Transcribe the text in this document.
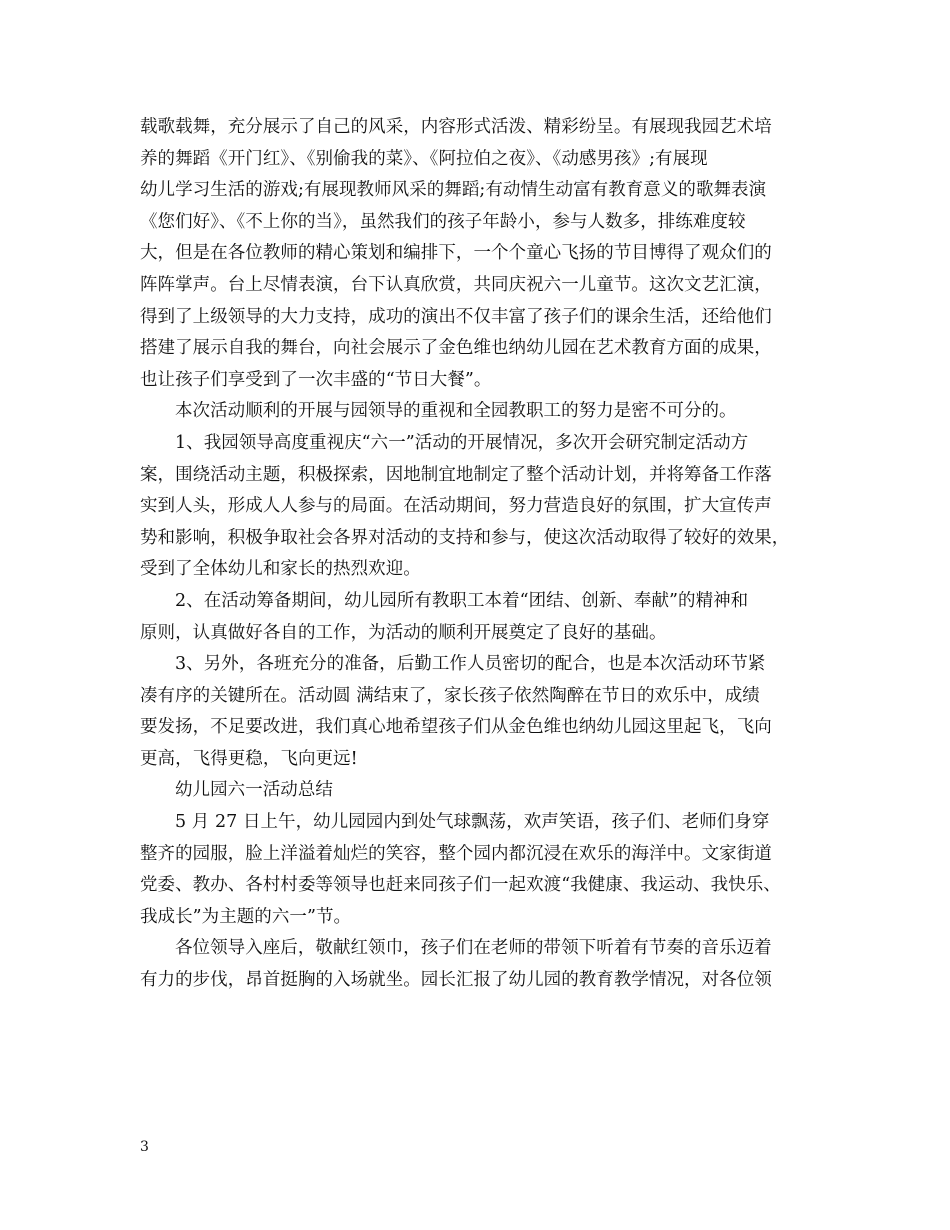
载歌载舞，充分展示了自己的风采，内容形式活泼、精彩纷呈。有展现我园艺术培
养的舞蹈《开门红》、《别偷我的菜》、《阿拉伯之夜》、《动感男孩》;有展现
幼儿学习生活的游戏;有展现教师风采的舞蹈;有动情生动富有教育意义的歌舞表演
《您们好》、《不上你的当》，虽然我们的孩子年龄小，参与人数多，排练难度较
大，但是在各位教师的精心策划和编排下，一个个童心飞扬的节目博得了观众们的
阵阵掌声。台上尽情表演，台下认真欣赏，共同庆祝六一儿童节。这次文艺汇演，
得到了上级领导的大力支持，成功的演出不仅丰富了孩子们的课余生活，还给他们
搭建了展示自我的舞台，向社会展示了金色维也纳幼儿园在艺术教育方面的成果，
也让孩子们享受到了一次丰盛的“节日大餐”。
本次活动顺利的开展与园领导的重视和全园教职工的努力是密不可分的。
1、我园领导高度重视庆“六一”活动的开展情况，多次开会研究制定活动方
案，围绕活动主题，积极探索，因地制宜地制定了整个活动计划，并将筹备工作落
实到人头，形成人人参与的局面。在活动期间，努力营造良好的氛围，扩大宣传声
势和影响，积极争取社会各界对活动的支持和参与，使这次活动取得了较好的效果，
受到了全体幼儿和家长的热烈欢迎。
2、在活动筹备期间，幼儿园所有教职工本着“团结、创新、奉献”的精神和
原则，认真做好各自的工作，为活动的顺利开展奠定了良好的基础。
3、另外，各班充分的准备，后勤工作人员密切的配合，也是本次活动环节紧
凑有序的关键所在。活动圆 满结束了，家长孩子依然陶醉在节日的欢乐中，成绩
要发扬，不足要改进，我们真心地希望孩子们从金色维也纳幼儿园这里起飞，飞向
更高，飞得更稳，飞向更远!
幼儿园六一活动总结
5 月 27 日上午，幼儿园园内到处气球飘荡，欢声笑语，孩子们、老师们身穿
整齐的园服，脸上洋溢着灿烂的笑容，整个园内都沉浸在欢乐的海洋中。文家街道
党委、教办、各村村委等领导也赶来同孩子们一起欢渡“我健康、我运动、我快乐、
我成长”为主题的六一”节。
各位领导入座后，敬献红领巾，孩子们在老师的带领下听着有节奏的音乐迈着
有力的步伐，昂首挺胸的入场就坐。园长汇报了幼儿园的教育教学情况，对各位领
3
